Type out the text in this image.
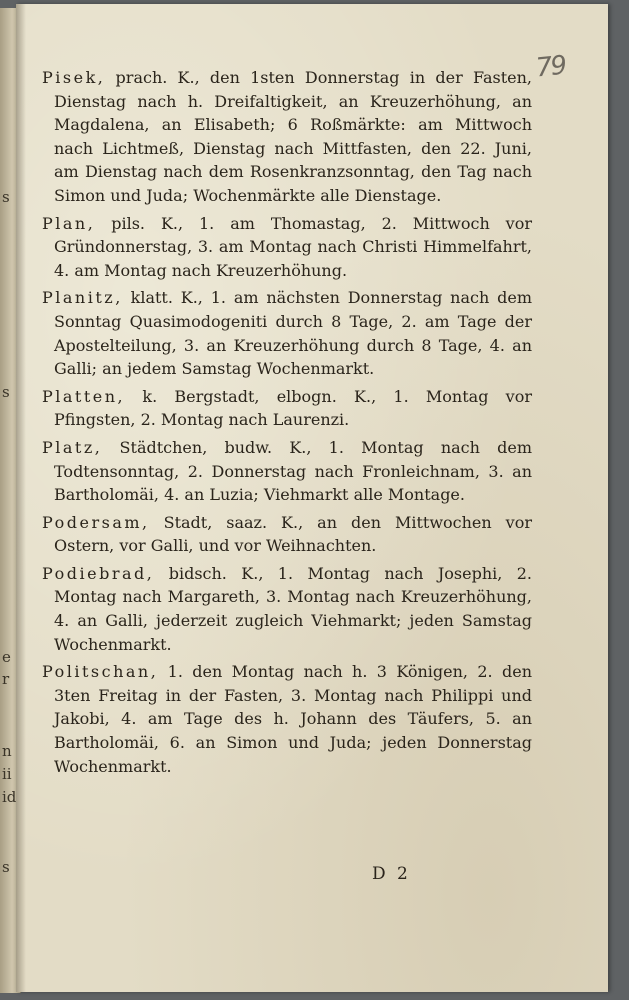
s
s
e
r
n
ii
id
s
79

Pisek, prach. K., den 1sten Donnerstag in der Fasten, Dienstag nach h. Dreifaltigkeit, an Kreuzerhöhung, an Magdalena, an Elisabeth; 6 Roßmärkte: am Mittwoch nach Lichtmeß, Dienstag nach Mittfasten, den 22. Juni, am Dienstag nach dem Rosenkranzsonntag, den Tag nach Simon und Juda; Wochenmärkte alle Dienstage.

Plan, pils. K., 1. am Thomastag, 2. Mittwoch vor Gründonnerstag, 3. am Montag nach Christi Himmelfahrt, 4. am Montag nach Kreuzerhöhung.

Planitz, klatt. K., 1. am nächsten Donnerstag nach dem Sonntag Quasimodogeniti durch 8 Tage, 2. am Tage der Apostelteilung, 3. an Kreuzerhöhung durch 8 Tage, 4. an Galli; an jedem Samstag Wochenmarkt.

Platten, k. Bergstadt, elbogn. K., 1. Montag vor Pfingsten, 2. Montag nach Laurenzi.

Platz, Städtchen, budw. K., 1. Montag nach dem Todtensonntag, 2. Donnerstag nach Fronleichnam, 3. an Bartholomäi, 4. an Luzia; Viehmarkt alle Montage.

Podersam, Stadt, saaz. K., an den Mittwochen vor Ostern, vor Galli, und vor Weihnachten.

Podiebrad, bidsch. K., 1. Montag nach Josephi, 2. Montag nach Margareth, 3. Montag nach Kreuzerhöhung, 4. an Galli, jederzeit zugleich Viehmarkt; jeden Samstag Wochenmarkt.

Politschan, 1. den Montag nach h. 3 Königen, 2. den 3ten Freitag in der Fasten, 3. Montag nach Philippi und Jakobi, 4. am Tage des h. Johann des Täufers, 5. an Bartholomäi, 6. an Simon und Juda; jeden Donnerstag Wochenmarkt.

D 2
